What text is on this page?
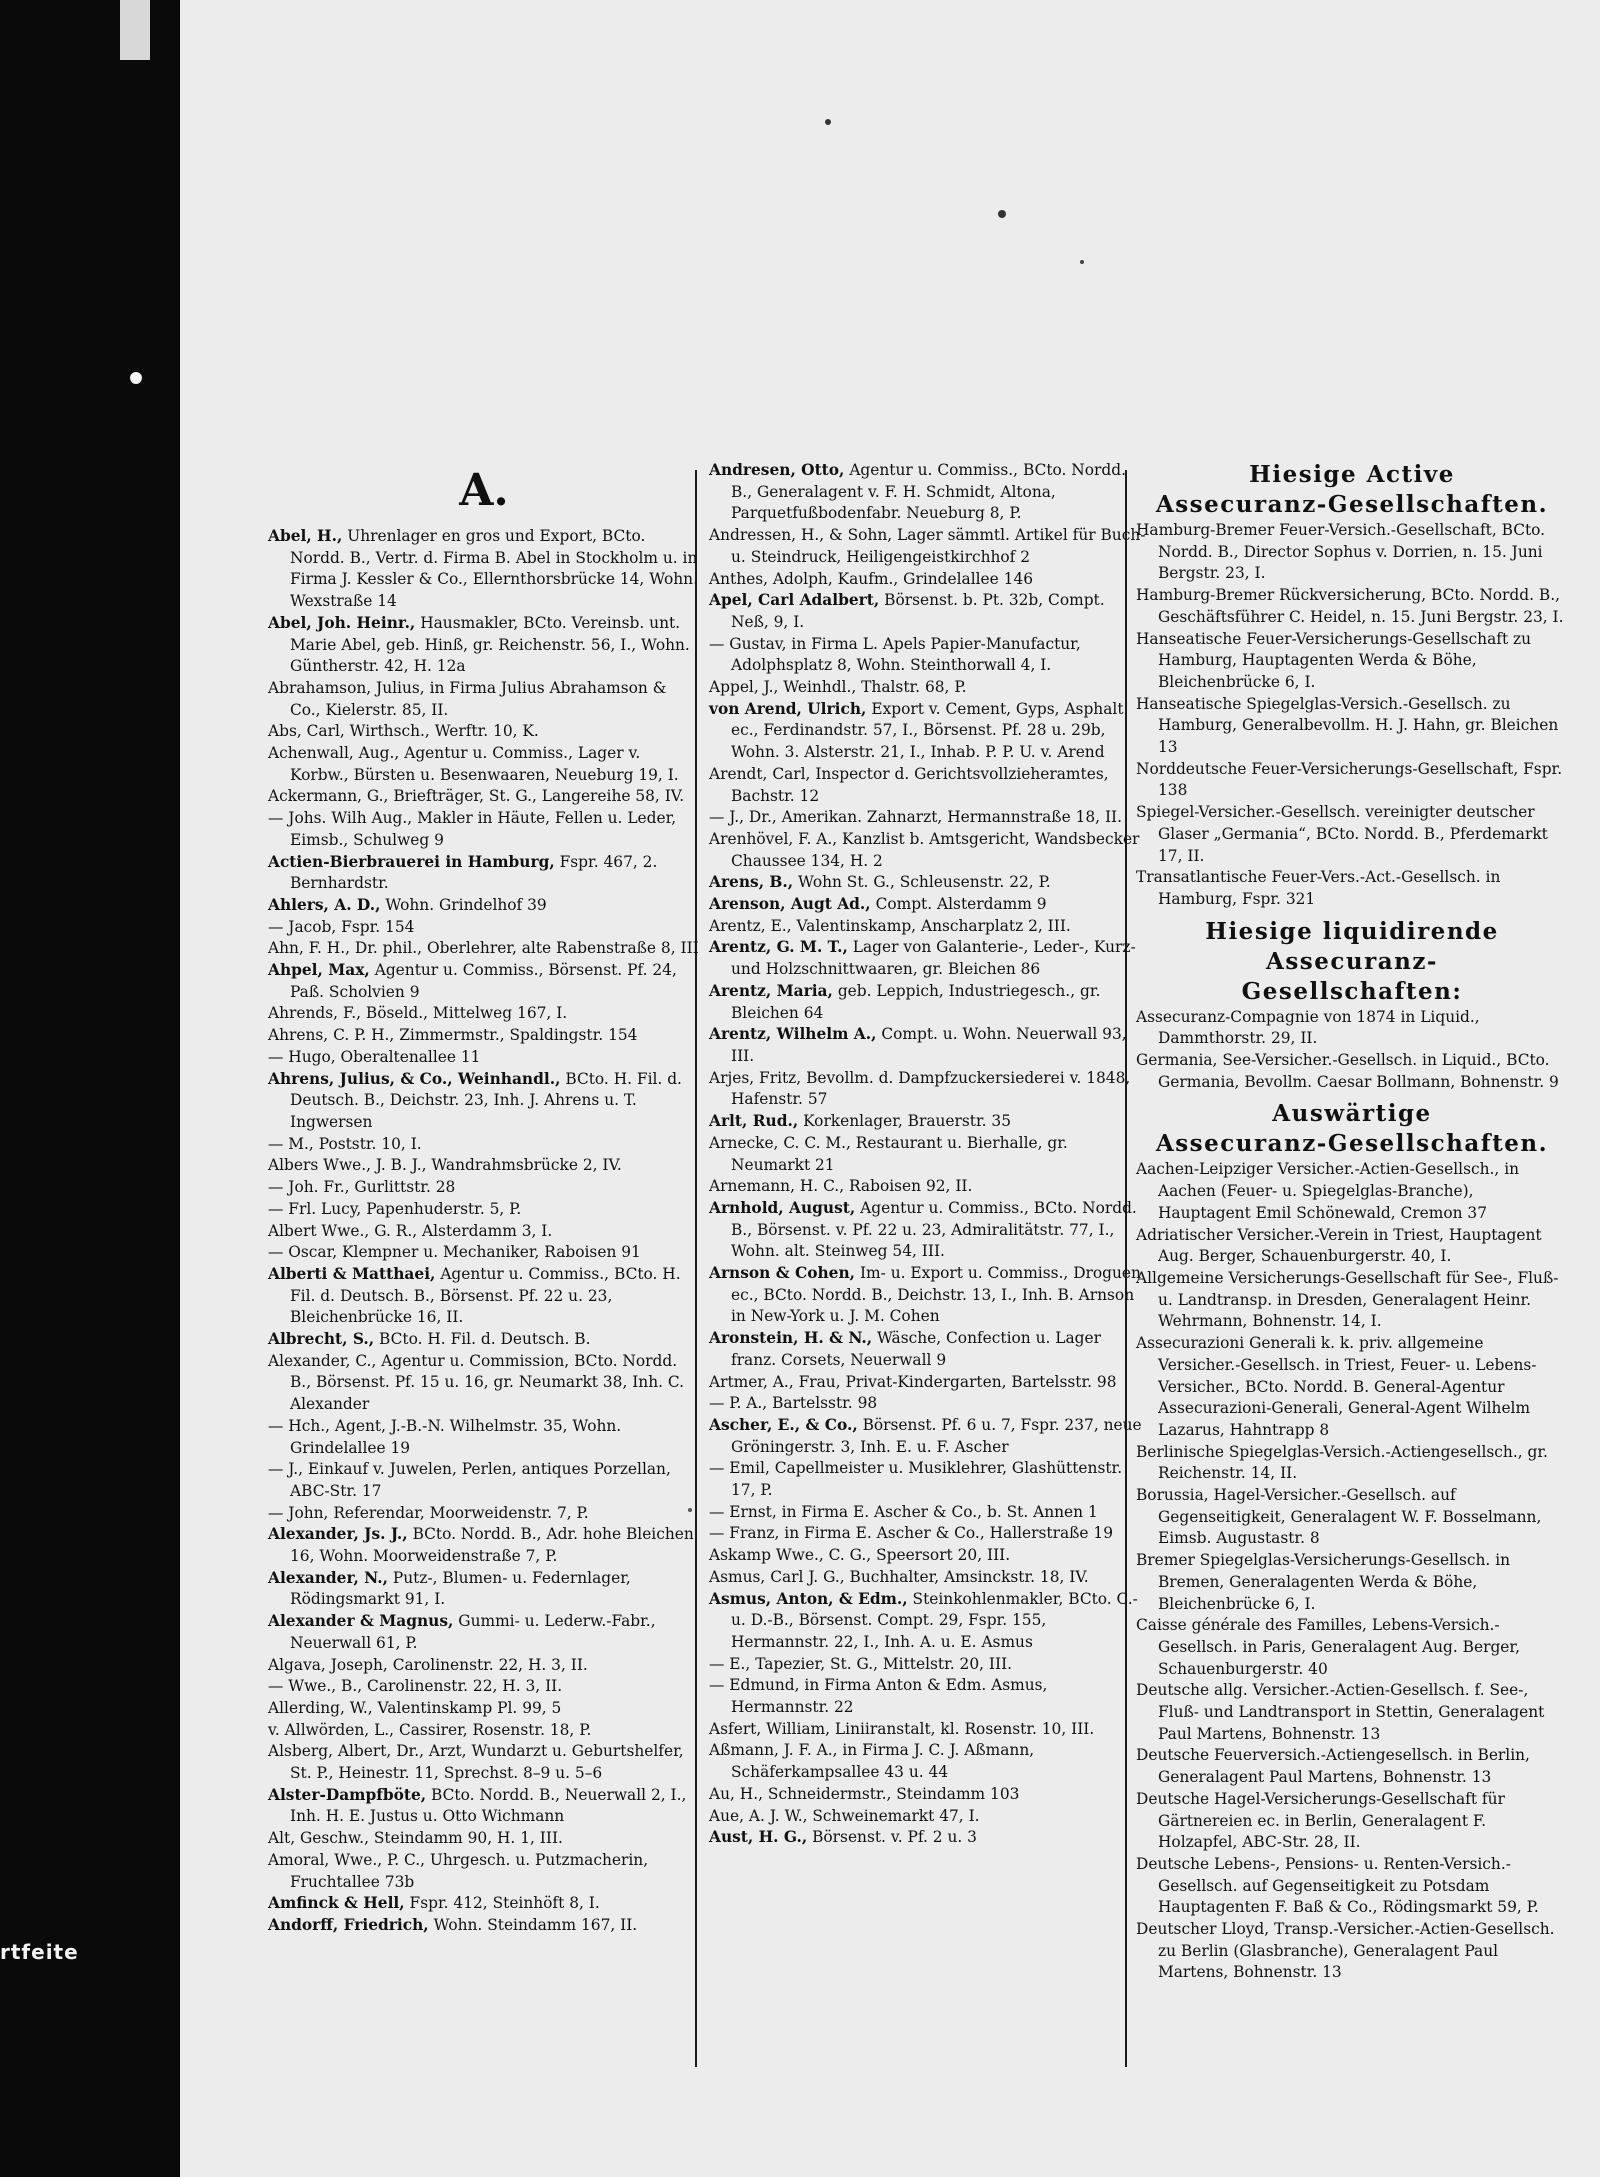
rtfeite
A.
Abel, H., Uhrenlager en gros und Export, BCto. Nordd. B., Vertr. d. Firma B. Abel in Stockholm u. in Firma J. Kessler & Co., Ellernthorsbrücke 14, Wohn. Wexstraße 14
Abel, Joh. Heinr., Hausmakler, BCto. Vereinsb. unt. Marie Abel, geb. Hinß, gr. Reichenstr. 56, I., Wohn. Güntherstr. 42, H. 12a
Abrahamson, Julius, in Firma Julius Abrahamson & Co., Kielerstr. 85, II.
Abs, Carl, Wirthsch., Werftr. 10, K.
Achenwall, Aug., Agentur u. Commiss., Lager v. Korbw., Bürsten u. Besenwaaren, Neueburg 19, I.
Ackermann, G., Briefträger, St. G., Langereihe 58, IV.
— Johs. Wilh Aug., Makler in Häute, Fellen u. Leder, Eimsb., Schulweg 9
Actien-Bierbrauerei in Hamburg, Fspr. 467, 2. Bernhardstr.
Ahlers, A. D., Wohn. Grindelhof 39
— Jacob, Fspr. 154
Ahn, F. H., Dr. phil., Oberlehrer, alte Rabenstraße 8, III
Ahpel, Max, Agentur u. Commiss., Börsenst. Pf. 24, Paß. Scholvien 9
Ahrends, F., Böseld., Mittelweg 167, I.
Ahrens, C. P. H., Zimmermstr., Spaldingstr. 154
— Hugo, Oberaltenallee 11
Ahrens, Julius, & Co., Weinhandl., BCto. H. Fil. d. Deutsch. B., Deichstr. 23, Inh. J. Ahrens u. T. Ingwersen
— M., Poststr. 10, I.
Albers Wwe., J. B. J., Wandrahmsbrücke 2, IV.
— Joh. Fr., Gurlittstr. 28
— Frl. Lucy, Papenhuderstr. 5, P.
Albert Wwe., G. R., Alsterdamm 3, I.
— Oscar, Klempner u. Mechaniker, Raboisen 91
Alberti & Matthaei, Agentur u. Commiss., BCto. H. Fil. d. Deutsch. B., Börsenst. Pf. 22 u. 23, Bleichenbrücke 16, II.
Albrecht, S., BCto. H. Fil. d. Deutsch. B.
Alexander, C., Agentur u. Commission, BCto. Nordd. B., Börsenst. Pf. 15 u. 16, gr. Neumarkt 38, Inh. C. Alexander
— Hch., Agent, J.-B.-N. Wilhelmstr. 35, Wohn. Grindelallee 19
— J., Einkauf v. Juwelen, Perlen, antiques Porzellan, ABC-Str. 17
— John, Referendar, Moorweidenstr. 7, P.
Alexander, Js. J., BCto. Nordd. B., Adr. hohe Bleichen 16, Wohn. Moorweidenstraße 7, P.
Alexander, N., Putz-, Blumen- u. Federnlager, Rödingsmarkt 91, I.
Alexander & Magnus, Gummi- u. Lederw.-Fabr., Neuerwall 61, P.
Algava, Joseph, Carolinenstr. 22, H. 3, II.
— Wwe., B., Carolinenstr. 22, H. 3, II.
Allerding, W., Valentinskamp Pl. 99, 5
v. Allwörden, L., Cassirer, Rosenstr. 18, P.
Alsberg, Albert, Dr., Arzt, Wundarzt u. Geburtshelfer, St. P., Heinestr. 11, Sprechst. 8–9 u. 5–6
Alster-Dampfböte, BCto. Nordd. B., Neuerwall 2, I., Inh. H. E. Justus u. Otto Wichmann
Alt, Geschw., Steindamm 90, H. 1, III.
Amoral, Wwe., P. C., Uhrgesch. u. Putzmacherin, Fruchtallee 73b
Amfinck & Hell, Fspr. 412, Steinhöft 8, I.
Andorff, Friedrich, Wohn. Steindamm 167, II.
Andresen, Otto, Agentur u. Commiss., BCto. Nordd. B., Generalagent v. F. H. Schmidt, Altona, Parquetfußbodenfabr. Neueburg 8, P.
Andressen, H., & Sohn, Lager sämmtl. Artikel für Buch- u. Steindruck, Heiligengeistkirchhof 2
Anthes, Adolph, Kaufm., Grindelallee 146
Apel, Carl Adalbert, Börsenst. b. Pt. 32b, Compt. Neß, 9, I.
— Gustav, in Firma L. Apels Papier-Manufactur, Adolphsplatz 8, Wohn. Steinthorwall 4, I.
Appel, J., Weinhdl., Thalstr. 68, P.
von Arend, Ulrich, Export v. Cement, Gyps, Asphalt ec., Ferdinandstr. 57, I., Börsenst. Pf. 28 u. 29b, Wohn. 3. Alsterstr. 21, I., Inhab. P. P. U. v. Arend
Arendt, Carl, Inspector d. Gerichtsvollzieheramtes, Bachstr. 12
— J., Dr., Amerikan. Zahnarzt, Hermannstraße 18, II.
Arenhövel, F. A., Kanzlist b. Amtsgericht, Wandsbecker Chaussee 134, H. 2
Arens, B., Wohn St. G., Schleusenstr. 22, P.
Arenson, Augt Ad., Compt. Alsterdamm 9
Arentz, E., Valentinskamp, Anscharplatz 2, III.
Arentz, G. M. T., Lager von Galanterie-, Leder-, Kurz- und Holzschnittwaaren, gr. Bleichen 86
Arentz, Maria, geb. Leppich, Industriegesch., gr. Bleichen 64
Arentz, Wilhelm A., Compt. u. Wohn. Neuerwall 93, III.
Arjes, Fritz, Bevollm. d. Dampfzuckersiederei v. 1848, Hafenstr. 57
Arlt, Rud., Korkenlager, Brauerstr. 35
Arnecke, C. C. M., Restaurant u. Bierhalle, gr. Neumarkt 21
Arnemann, H. C., Raboisen 92, II.
Arnhold, August, Agentur u. Commiss., BCto. Nordd. B., Börsenst. v. Pf. 22 u. 23, Admiralitätstr. 77, I., Wohn. alt. Steinweg 54, III.
Arnson & Cohen, Im- u. Export u. Commiss., Droguen ec., BCto. Nordd. B., Deichstr. 13, I., Inh. B. Arnson in New-York u. J. M. Cohen
Aronstein, H. & N., Wäsche, Confection u. Lager franz. Corsets, Neuerwall 9
Artmer, A., Frau, Privat-Kindergarten, Bartelsstr. 98
— P. A., Bartelsstr. 98
Ascher, E., & Co., Börsenst. Pf. 6 u. 7, Fspr. 237, neue Gröningerstr. 3, Inh. E. u. F. Ascher
— Emil, Capellmeister u. Musiklehrer, Glashüttenstr. 17, P.
— Ernst, in Firma E. Ascher & Co., b. St. Annen 1
— Franz, in Firma E. Ascher & Co., Hallerstraße 19
Askamp Wwe., C. G., Speersort 20, III.
Asmus, Carl J. G., Buchhalter, Amsinckstr. 18, IV.
Asmus, Anton, & Edm., Steinkohlenmakler, BCto. C.- u. D.-B., Börsenst. Compt. 29, Fspr. 155, Hermannstr. 22, I., Inh. A. u. E. Asmus
— E., Tapezier, St. G., Mittelstr. 20, III.
— Edmund, in Firma Anton & Edm. Asmus, Hermannstr. 22
Asfert, William, Liniiranstalt, kl. Rosenstr. 10, III.
Aßmann, J. F. A., in Firma J. C. J. Aßmann, Schäferkampsallee 43 u. 44
Au, H., Schneidermstr., Steindamm 103
Aue, A. J. W., Schweinemarkt 47, I.
Aust, H. G., Börsenst. v. Pf. 2 u. 3
Hiesige Active
Assecuranz-Gesellschaften.
Hamburg-Bremer Feuer-Versich.-Gesellschaft, BCto. Nordd. B., Director Sophus v. Dorrien, n. 15. Juni Bergstr. 23, I.
Hamburg-Bremer Rückversicherung, BCto. Nordd. B., Geschäftsführer C. Heidel, n. 15. Juni Bergstr. 23, I.
Hanseatische Feuer-Versicherungs-Gesellschaft zu Hamburg, Hauptagenten Werda & Böhe, Bleichenbrücke 6, I.
Hanseatische Spiegelglas-Versich.-Gesellsch. zu Hamburg, Generalbevollm. H. J. Hahn, gr. Bleichen 13
Norddeutsche Feuer-Versicherungs-Gesellschaft, Fspr. 138
Spiegel-Versicher.-Gesellsch. vereinigter deutscher Glaser „Germania“, BCto. Nordd. B., Pferdemarkt 17, II.
Transatlantische Feuer-Vers.-Act.-Gesellsch. in Hamburg, Fspr. 321
Hiesige liquidirende Assecuranz-
Gesellschaften:
Assecuranz-Compagnie von 1874 in Liquid., Dammthorstr. 29, II.
Germania, See-Versicher.-Gesellsch. in Liquid., BCto. Germania, Bevollm. Caesar Bollmann, Bohnenstr. 9
Auswärtige
Assecuranz-Gesellschaften.
Aachen-Leipziger Versicher.-Actien-Gesellsch., in Aachen (Feuer- u. Spiegelglas-Branche), Hauptagent Emil Schönewald, Cremon 37
Adriatischer Versicher.-Verein in Triest, Hauptagent Aug. Berger, Schauenburgerstr. 40, I.
Allgemeine Versicherungs-Gesellschaft für See-, Fluß- u. Landtransp. in Dresden, Generalagent Heinr. Wehrmann, Bohnenstr. 14, I.
Assecurazioni Generali k. k. priv. allgemeine Versicher.-Gesellsch. in Triest, Feuer- u. Lebens-Versicher., BCto. Nordd. B. General-Agentur Assecurazioni-Generali, General-Agent Wilhelm Lazarus, Hahntrapp 8
Berlinische Spiegelglas-Versich.-Actiengesellsch., gr. Reichenstr. 14, II.
Borussia, Hagel-Versicher.-Gesellsch. auf Gegenseitigkeit, Generalagent W. F. Bosselmann, Eimsb. Augustastr. 8
Bremer Spiegelglas-Versicherungs-Gesellsch. in Bremen, Generalagenten Werda & Böhe, Bleichenbrücke 6, I.
Caisse générale des Familles, Lebens-Versich.-Gesellsch. in Paris, Generalagent Aug. Berger, Schauenburgerstr. 40
Deutsche allg. Versicher.-Actien-Gesellsch. f. See-, Fluß- und Landtransport in Stettin, Generalagent Paul Martens, Bohnenstr. 13
Deutsche Feuerversich.-Actiengesellsch. in Berlin, Generalagent Paul Martens, Bohnenstr. 13
Deutsche Hagel-Versicherungs-Gesellschaft für Gärtnereien ec. in Berlin, Generalagent F. Holzapfel, ABC-Str. 28, II.
Deutsche Lebens-, Pensions- u. Renten-Versich.-Gesellsch. auf Gegenseitigkeit zu Potsdam Hauptagenten F. Baß & Co., Rödingsmarkt 59, P.
Deutscher Lloyd, Transp.-Versicher.-Actien-Gesellsch. zu Berlin (Glasbranche), Generalagent Paul Martens, Bohnenstr. 13
